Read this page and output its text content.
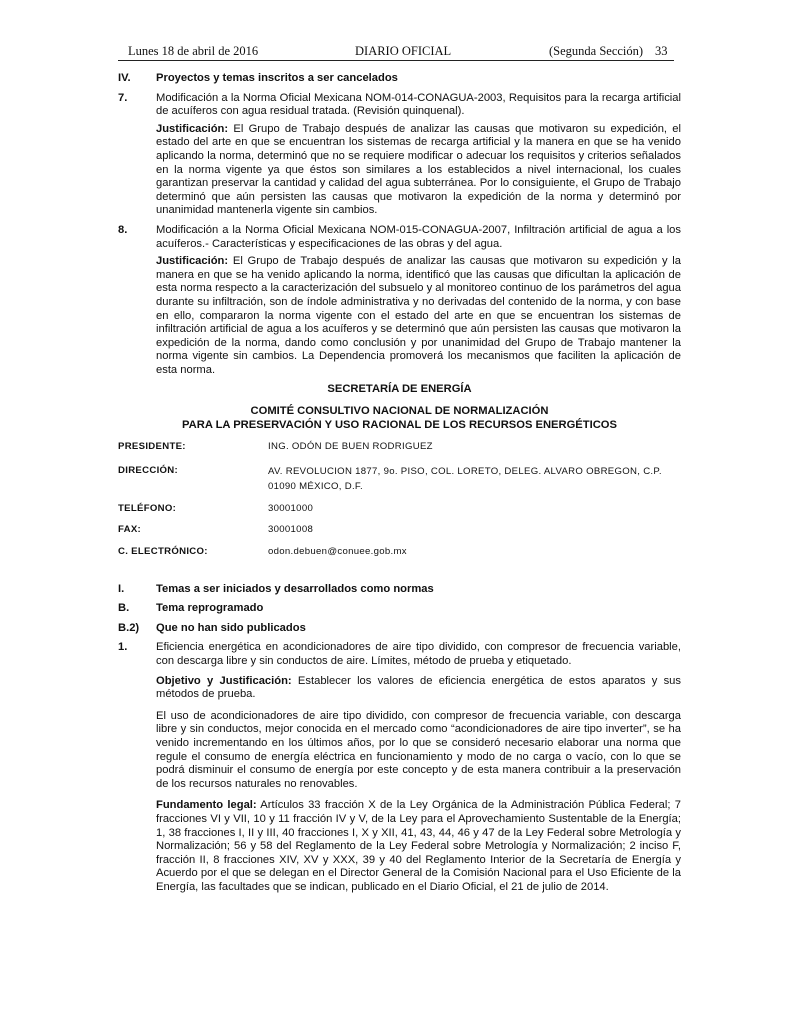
Lunes 18 de abril de 2016	DIARIO OFICIAL	(Segunda Sección) 33
IV.	Proyectos y temas inscritos a ser cancelados
7.	Modificación a la Norma Oficial Mexicana NOM-014-CONAGUA-2003, Requisitos para la recarga artificial de acuíferos con agua residual tratada. (Revisión quinquenal).
Justificación: El Grupo de Trabajo después de analizar las causas que motivaron su expedición, el estado del arte en que se encuentran los sistemas de recarga artificial y la manera en que se ha venido aplicando la norma, determinó que no se requiere modificar o adecuar los requisitos y criterios señalados en la norma vigente ya que éstos son similares a los establecidos a nivel internacional, los cuales garantizan preservar la cantidad y calidad del agua subterránea. Por lo consiguiente, el Grupo de Trabajo determinó que aún persisten las causas que motivaron la expedición de la norma y determinó por unanimidad mantenerla vigente sin cambios.
8.	Modificación a la Norma Oficial Mexicana NOM-015-CONAGUA-2007, Infiltración artificial de agua a los acuíferos.- Características y especificaciones de las obras y del agua.
Justificación: El Grupo de Trabajo después de analizar las causas que motivaron su expedición y la manera en que se ha venido aplicando la norma, identificó que las causas que dificultan la aplicación de esta norma respecto a la caracterización del subsuelo y al monitoreo continuo de los parámetros del agua durante su infiltración, son de índole administrativa y no derivadas del contenido de la norma, y con base en ello, compararon la norma vigente con el estado del arte en que se encuentran los sistemas de infiltración artificial de agua a los acuíferos y se determinó que aún persisten las causas que motivaron la expedición de la norma, dando como conclusión y por unanimidad del Grupo de Trabajo mantener la norma vigente sin cambios. La Dependencia promoverá los mecanismos que faciliten la aplicación de esta norma.
SECRETARÍA DE ENERGÍA
COMITÉ CONSULTIVO NACIONAL DE NORMALIZACIÓN
PARA LA PRESERVACIÓN Y USO RACIONAL DE LOS RECURSOS ENERGÉTICOS
PRESIDENTE:	ING. ODÓN DE BUEN RODRIGUEZ
DIRECCIÓN:	AV. REVOLUCION 1877, 9o. PISO, COL. LORETO, DELEG. ALVARO OBREGON, C.P. 01090 MÉXICO, D.F.
TELÉFONO:	30001000
FAX:	30001008
C. ELECTRÓNICO:	odon.debuen@conuee.gob.mx
I.	Temas a ser iniciados y desarrollados como normas
B.	Tema reprogramado
B.2)	Que no han sido publicados
1.	Eficiencia energética en acondicionadores de aire tipo dividido, con compresor de frecuencia variable, con descarga libre y sin conductos de aire. Límites, método de prueba y etiquetado.
Objetivo y Justificación: Establecer los valores de eficiencia energética de estos aparatos y sus métodos de prueba.
El uso de acondicionadores de aire tipo dividido, con compresor de frecuencia variable, con descarga libre y sin conductos, mejor conocida en el mercado como “acondicionadores de aire tipo inverter”, se ha venido incrementando en los últimos años, por lo que se consideró necesario elaborar una norma que regule el consumo de energía eléctrica en funcionamiento y modo de no carga o vacío, con lo que se podrá disminuir el consumo de energía por este concepto y de esta manera contribuir a la preservación de los recursos naturales no renovables.
Fundamento legal: Artículos 33 fracción X de la Ley Orgánica de la Administración Pública Federal; 7 fracciones VI y VII, 10 y 11 fracción IV y V, de la Ley para el Aprovechamiento Sustentable de la Energía; 1, 38 fracciones I, II y III, 40 fracciones I, X y XII, 41, 43, 44, 46 y 47 de la Ley Federal sobre Metrología y Normalización; 56 y 58 del Reglamento de la Ley Federal sobre Metrología y Normalización; 2 inciso F, fracción II, 8 fracciones XIV, XV y XXX, 39 y 40 del Reglamento Interior de la Secretaría de Energía y Acuerdo por el que se delegan en el Director General de la Comisión Nacional para el Uso Eficiente de la Energía, las facultades que se indican, publicado en el Diario Oficial, el 21 de julio de 2014.
